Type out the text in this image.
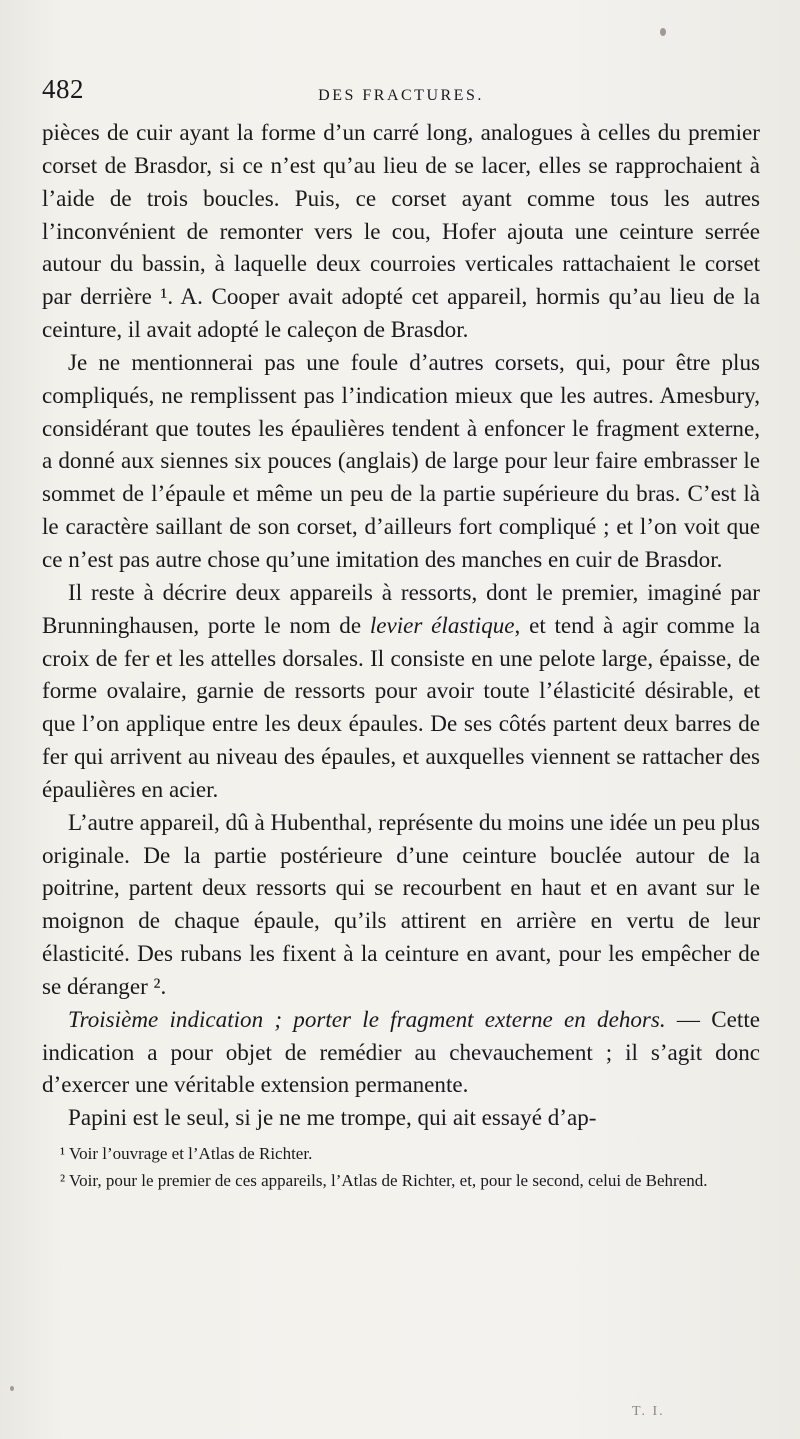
482	DES FRACTURES.

pièces de cuir ayant la forme d’un carré long, analogues à celles du premier corset de Brasdor, si ce n’est qu’au lieu de se lacer, elles se rapprochaient à l’aide de trois boucles. Puis, ce corset ayant comme tous les autres l’inconvénient de remonter vers le cou, Hofer ajouta une ceinture serrée autour du bassin, à laquelle deux courroies verticales rattachaient le corset par derrière ¹. A. Cooper avait adopté cet appareil, hormis qu’au lieu de la ceinture, il avait adopté le caleçon de Brasdor.

Je ne mentionnerai pas une foule d’autres corsets, qui, pour être plus compliqués, ne remplissent pas l’indication mieux que les autres. Amesbury, considérant que toutes les épaulières tendent à enfoncer le fragment externe, a donné aux siennes six pouces (anglais) de large pour leur faire embrasser le sommet de l’épaule et même un peu de la partie supérieure du bras. C’est là le caractère saillant de son corset, d’ailleurs fort compliqué ; et l’on voit que ce n’est pas autre chose qu’une imitation des manches en cuir de Brasdor.

Il reste à décrire deux appareils à ressorts, dont le premier, imaginé par Brunninghausen, porte le nom de levier élastique, et tend à agir comme la croix de fer et les attelles dorsales. Il consiste en une pelote large, épaisse, de forme ovalaire, garnie de ressorts pour avoir toute l’élasticité désirable, et que l’on applique entre les deux épaules. De ses côtés partent deux barres de fer qui arrivent au niveau des épaules, et auxquelles viennent se rattacher des épaulières en acier.

L’autre appareil, dû à Hubenthal, représente du moins une idée un peu plus originale. De la partie postérieure d’une ceinture bouclée autour de la poitrine, partent deux ressorts qui se recourbent en haut et en avant sur le moignon de chaque épaule, qu’ils attirent en arrière en vertu de leur élasticité. Des rubans les fixent à la ceinture en avant, pour les empêcher de se déranger ².

Troisième indication ; porter le fragment externe en dehors. — Cette indication a pour objet de remédier au chevauchement ; il s’agit donc d’exercer une véritable extension permanente.

Papini est le seul, si je ne me trompe, qui ait essayé d’ap-

¹ Voir l’ouvrage et l’Atlas de Richter.

² Voir, pour le premier de ces appareils, l’Atlas de Richter, et, pour le second, celui de Behrend.

T. I.
